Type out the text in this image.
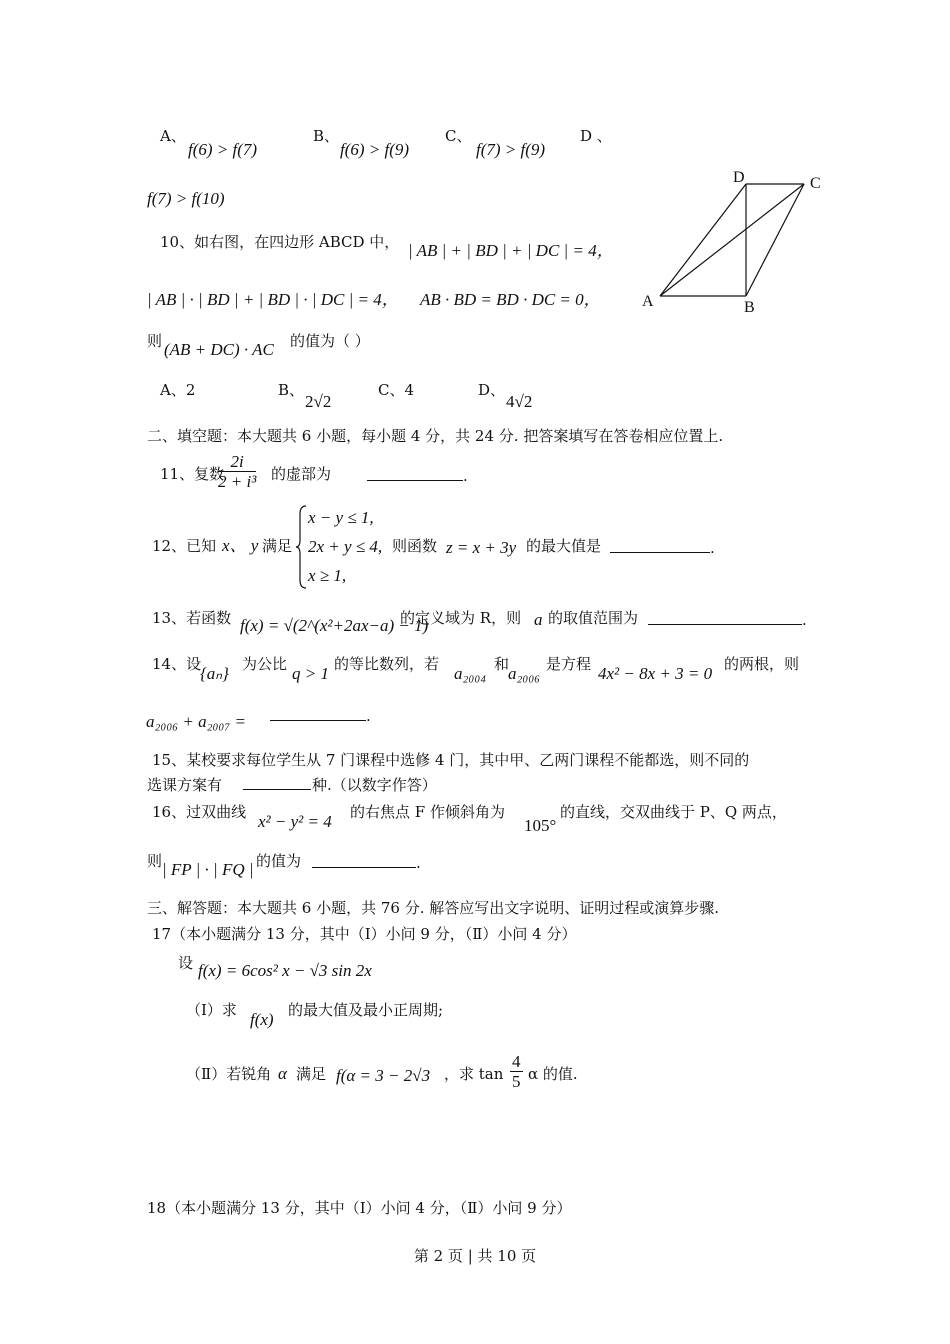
A、
f(6) > f(7)
B、
f(6) > f(9)
C、
f(7) > f(9)
D 、
f(7) > f(10)
D	C
A	B
10、如右图，在四边形 ABCD 中， | AB | + | BD | + | DC | = 4，
| AB | · | BD | + | BD | · | DC | = 4， AB · BD = BD · DC = 0，
则 (AB + DC) · AC 的值为（ ）
A、2	B、
2√2
C、4	D、
4√2
二、填空题：本大题共 6 小题，每小题 4 分，共 24 分. 把答案填写在答卷相应位置上.
11、复数
$\frac{2i}{\text{2 + i³}}$ 的虚部为	.
12、已知 x、 y 满足
x − y ≤ 1,
2x + y ≤ 4,
x ≥ 1,
则函数 z = x + 3y 的最大值是	.
13、若函数 f(x) = √(2^(x²+2ax−a) − 1)
的定义域为 R，则 a 的取值范围为	.
14、设
{aₙ} 为公比 q > 1 的等比数列，若 a₂₀₀₄ 和
a₂₀₀₆ 是方程 4x² − 8x + 3 = 0 的两根，则
a₂₀₀₆ + a₂₀₀₇ =	.
15、某校要求每位学生从 7 门课程中选修 4 门，其中甲、乙两门课程不能都选，则不同的
选课方案有	种.（以数字作答）
16、过双曲线 x² − y² = 4 的右焦点 F 作倾斜角为
105°
的直线，交双曲线于 P、Q 两点，
则 | FP | · | FQ | 的值为	.
三、解答题：本大题共 6 小题，共 76 分. 解答应写出文字说明、证明过程或演算步骤.
17（本小题满分 13 分，其中（Ⅰ）小问 9 分，（Ⅱ）小问 4 分）
设 f(x) = 6cos² x − √3 sin 2x
（Ⅰ）求 f(x) 的最大值及最小正周期;
（Ⅱ）若锐角 α 满足 f(α = 3 − 2√3 ，求 $\tan \frac{4}{5}$ α 的值.
18（本小题满分 13 分，其中（Ⅰ）小问 4 分，（Ⅱ）小问 9 分）
第 2 页 | 共 10 页
